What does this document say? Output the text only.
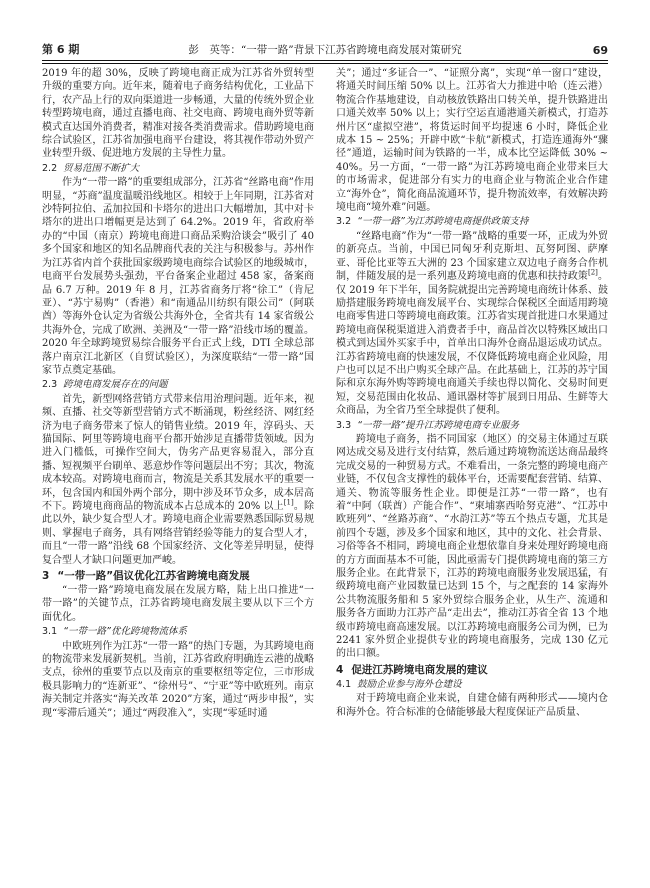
第 6 期	彭　英等：“一带一路”背景下江苏省跨境电商发展对策研究	69

2019 年的超 30%，反映了跨境电商正成为江苏省外贸转型升级的重要方向。近年来，随着电子商务结构优化，工业品下行，农产品上行的双向渠道进一步畅通，大量的传统外贸企业转型跨境电商，通过直播电商、社交电商、跨境电商外贸等新模式直达国外消费者，精准对接各类消费需求。借助跨境电商综合试验区，江苏省加强电商平台建设，将其视作带动外贸产业转型升级、促进地方发展的主导性力量。

2.2 贸易范围不断扩大

作为“一带一路”的重要组成部分，江苏省“丝路电商”作用明显，“苏商”温度温暖沿线地区。相较于上年同期，江苏省对沙特阿拉伯、孟加拉国和卡塔尔的进出口大幅增加，其中对卡塔尔的进出口增幅更是达到了 64.2%。2019 年，省政府举办的“中国（南京）跨境电商进口商品采购洽谈会”吸引了 40 多个国家和地区的知名品牌商代表的关注与积极参与。苏州作为江苏省内首个获批国家级跨境电商综合试验区的地级城市，电商平台发展势头强劲，平台备案企业超过 458 家，备案商品 6.7 万种。2019 年 8 月，江苏省商务厅将“徐工”（肯尼亚）、“苏宁易购”（香港）和“南通品川纺织有限公司”（阿联酋）等海外仓认定为省级公共海外仓，全省共有 14 家省级公共海外仓，完成了欧洲、美洲及“一带一路”沿线市场的覆盖。2020 年全球跨境贸易综合服务平台正式上线，DTI 全球总部落户南京江北新区（自贸试验区），为深度联结“一带一路”国家节点奠定基础。

2.3 跨境电商发展存在的问题

首先，新型网络营销方式带来信用治理问题。近年来，视频、直播、社交等新型营销方式不断涌现，粉丝经济、网红经济为电子商务带来了惊人的销售业绩。2019 年，淳码头、天猫国际、阿里等跨境电商平台都开始涉足直播带货领域。因为进入门槛低，可操作空间大，伪劣产品更容易混入，部分直播、短视频平台刷单、恶意炒作等问题层出不穷；其次，物流成本较高。对跨境电商而言，物流是关系其发展水平的重要一环，包含国内和国外两个部分，期中涉及环节众多，成本居高不下。跨境电商商品的物流成本占总成本的 20% 以上[1]。除此以外，缺少复合型人才。跨境电商企业需要熟悉国际贸易规则、掌握电子商务，具有网络营销经验等能力的复合型人才，而且“一带一路”沿线 68 个国家经济、文化等差异明显，使得复合型人才缺口问题更加严峻。

3 “一带一路”倡议优化江苏省跨境电商发展

“一带一路”跨境电商发展在发展方略，陆上出口推进“一带一路”的关键节点，江苏省跨境电商发展主要从以下三个方面优化。

3.1 “一带一路”优化跨境物流体系

中欧班列作为江苏“一带一路”的热门专题，为其跨境电商的物流带来发展新契机。当前，江苏省政府明确连云港的战略支点，徐州的重要节点以及南京的重要枢纽等定位，三市形成极具影响力的“连新亚”、“徐州号”、“宁亚”等中欧班列。南京海关制定并落实“海关改革 2020”方案，通过“两步申报”，实现“零滞后通关”；通过“两段准入”，实现“零延时通

关”；通过“多证合一”、“证照分离”，实现“单一窗口”建设，将通关时间压缩 50% 以上。江苏省大力推进中哈（连云港）物流合作基地建设，自动核放铁路出口转关单，提升铁路进出口通关效率 50% 以上；实行空运直通港通关新模式，打造苏州片区“虚拟空港”，将货运时间平均提速 6 小时，降低企业成本 15 ~ 25%；开辟中欧“卡航”新模式，打造连通海外“骤径”通道，运输时间为铁路的一半，成本比空运降低 30% ~ 40%。另一方面，“一带一路”为江苏跨境电商企业带来巨大的市场需求，促进部分有实力的电商企业与物流企业合作建立“海外仓”，简化商品流通环节，提升物流效率，有效解决跨境电商“境外难”问题。

3.2 “一带一路”为江苏跨境电商提供政策支持

“丝路电商”作为“一带一路”战略的重要一环，正成为外贸的新亮点。当前，中国已同匈牙利克斯坦、瓦努阿图、萨摩亚、哥伦比亚等五大洲的 23 个国家建立双边电子商务合作机制，伴随发展的是一系列惠及跨境电商的优惠和扶持政策[2]。仅 2019 年下半年，国务院就提出完善跨境电商统计体系、鼓励搭建服务跨境电商发展平台、实现综合保税区全面适用跨境电商零售进口等跨境电商政策。江苏省实现首批进口水果通过跨境电商保税渠道进入消费者手中，商品首次以特殊区域出口模式到达国外买家手中，首单出口海外仓商品退运成功试点。江苏省跨境电商的快速发展，不仅降低跨境电商企业风险，用户也可以足不出户购买全球产品。在此基础上，江苏的苏宁国际和京东海外购等跨境电商通关手续也得以简化、交易时间更短，交易范围由化妆品、通讯器材等扩展到日用品、生鲜等大众商品，为全省乃至全球提供了便利。

3.3 “一带一路”提升江苏跨境电商专业服务

跨境电子商务，指不同国家（地区）的交易主体通过互联网达成交易及进行支付结算，然后通过跨境物流送达商品最终完成交易的一种贸易方式。不难看出，一条完整的跨境电商产业链，不仅包含支撑性的载体平台，还需要配套营销、结算、通关、物流等服务性企业。即便是江苏“一带一路”，也有着“中阿（联酋）产能合作”、“柬埔寨西哈努克港”、“江苏中欧班列”、“丝路苏商”、“水韵江苏”等五个热点专题，尤其是前四个专题，涉及多个国家和地区，其中的文化、社会背景、习俗等各不相同，跨境电商企业想依靠自身来处理好跨境电商的方方面面基本不可能，因此亟需专门提供跨境电商的第三方服务企业。在此背景下，江苏的跨境电商服务业发展迅猛，有级跨境电商产业园数量已达到 15 个，与之配套的 14 家海外公共物流服务船和 5 家外贸综合服务企业，从生产、流通和服务各方面助力江苏产品“走出去”，推动江苏省全省 13 个地级市跨境电商高速发展。以江苏跨境电商服务公司为例，已为 2241 家外贸企业提供专业的跨境电商服务，完成 130 亿元的出口额。

4 促进江苏跨境电商发展的建议
4.1 鼓励企业参与海外仓建设

对于跨境电商企业来说，自建仓储有两种形式——境内仓和海外仓。符合标准的仓储能够最大程度保证产品质量、
